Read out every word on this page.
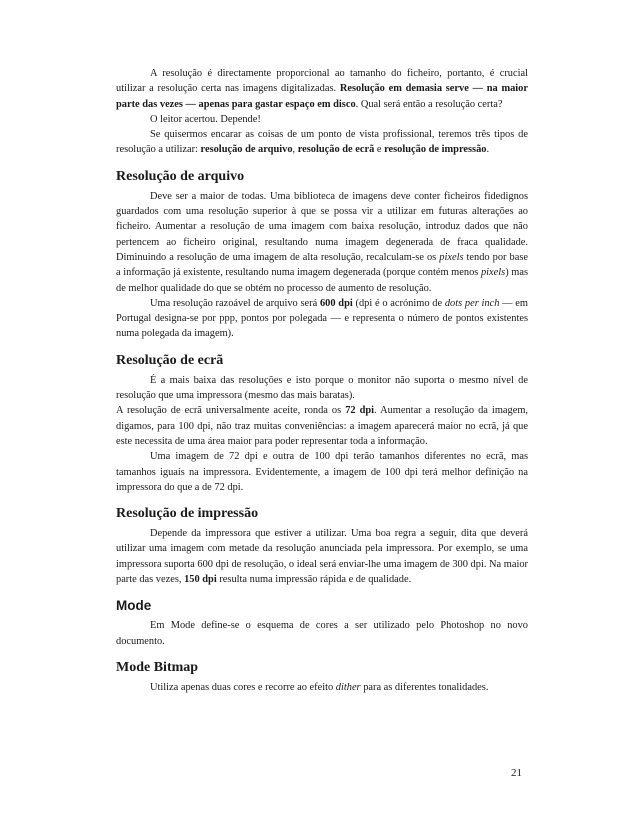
A resolução é directamente proporcional ao tamanho do ficheiro, portanto, é crucial utilizar a resolução certa nas imagens digitalizadas. Resolução em demasia serve — na maior parte das vezes — apenas para gastar espaço em disco. Qual será então a resolução certa?

O leitor acertou. Depende!

Se quisermos encarar as coisas de um ponto de vista profissional, teremos três tipos de resolução a utilizar: resolução de arquivo, resolução de ecrã e resolução de impressão.

Resolução de arquivo

Deve ser a maior de todas. Uma biblioteca de imagens deve conter ficheiros fidedignos guardados com uma resolução superior à que se possa vir a utilizar em futuras alterações ao ficheiro. Aumentar a resolução de uma imagem com baixa resolução, introduz dados que não pertencem ao ficheiro original, resultando numa imagem degenerada de fraca qualidade. Diminuindo a resolução de uma imagem de alta resolução, recalculam-se os pixels tendo por base a informação já existente, resultando numa imagem degenerada (porque contém menos pixels) mas de melhor qualidade do que se obtém no processo de aumento de resolução.

Uma resolução razoável de arquivo será 600 dpi (dpi é o acrónimo de dots per inch — em Portugal designa-se por ppp, pontos por polegada — e representa o número de pontos existentes numa polegada da imagem).

Resolução de ecrã

É a mais baixa das resoluções e isto porque o monitor não suporta o mesmo nível de resolução que uma impressora (mesmo das mais baratas).

A resolução de ecrã universalmente aceite, ronda os 72 dpi. Aumentar a resolução da imagem, digamos, para 100 dpi, não traz muitas conveniências: a imagem aparecerá maior no ecrã, já que este necessita de uma área maior para poder representar toda a informação.

Uma imagem de 72 dpi e outra de 100 dpi terão tamanhos diferentes no ecrã, mas tamanhos iguais na impressora. Evidentemente, a imagem de 100 dpi terá melhor definição na impressora do que a de 72 dpi.

Resolução de impressão

Depende da impressora que estiver a utilizar. Uma boa regra a seguir, dita que deverá utilizar uma imagem com metade da resolução anunciada pela impressora. Por exemplo, se uma impressora suporta 600 dpi de resolução, o ideal será enviar-lhe uma imagem de 300 dpi. Na maior parte das vezes, 150 dpi resulta numa impressão rápida e de qualidade.

Mode

Em Mode define-se o esquema de cores a ser utilizado pelo Photoshop no novo documento.

Mode Bitmap

Utiliza apenas duas cores e recorre ao efeito dither para as diferentes tonalidades.

21
